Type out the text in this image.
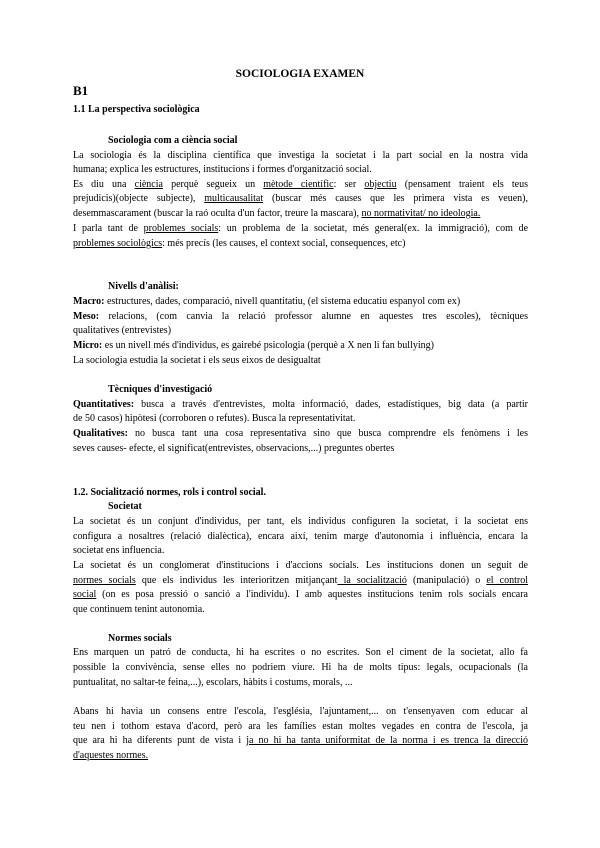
SOCIOLOGIA EXAMEN
B1
1.1 La perspectiva sociològica
Sociologia com a ciència social
La sociologia és la disciplina científica que investiga la societat i la part social en la nostra vida
humana; explica les estructures, institucions i formes d'organització social.
Es diu una ciència perquè segueix un mètode científic: ser objectiu (pensament traient els teus
prejudicis)(objecte subjecte), multicausalitat (buscar més causes que les primera vista es veuen),
desemmascarament (buscar la raó oculta d'un factor, treure la mascara), no normativitat/ no ideologia.
I parla tant de problemes socials: un problema de la societat, més general(ex. la immigració), com de
problemes sociològics: més precís (les causes, el context social, consequences, etc)
Nivells d'anàlisi:
Macro: estructures, dades, comparació, nivell quantitatiu, (el sistema educatiu espanyol com ex)
Meso: relacions, (com canvia la relació professor alumne en aquestes tres escoles), tècniques
qualitatives (entrevistes)
Micro: es un nivell més d'individus, es gairebé psicologia (perquè a X nen li fan bullying)
La sociologia estudia la societat i els seus eixos de desigualtat
Tècniques d'investigació
Quantitatives: busca a través d'entrevistes, molta informació, dades, estadístiques, big data (a partir
de 50 casos) hipòtesi (corroboren o refutes). Busca la representativitat.
Qualitatives: no busca tant una cosa representativa sino que busca comprendre els fenòmens i les
seves causes- efecte, el significat(entrevistes, observacions,...) preguntes obertes
1.2. Socialització normes, rols i control social.
Societat
La societat és un conjunt d'individus, per tant, els individus configuren la societat, i la societat ens
configura a nosaltres (relació dialèctica), encara així, tenim marge d'autonomia i influència, encara la
societat ens influencia.
La societat és un conglomerat d'institucions i d'accions socials. Les institucions donen un seguit de
normes socials que els individus les interioritzen mitjançant la socialització (manipulació) o el control
social (on es posa pressió o sanció a l'individu). I amb aquestes institucions tenim rols socials encara
que continuem tenint autonomia.
Normes socials
Ens marquen un patró de conducta, hi ha escrites o no escrites. Son el ciment de la societat, allo fa
possible la convivència, sense elles no podriem viure. Hi ha de molts tipus: legals, ocupacionals (la
puntualitat, no saltar-te feina,...), escolars, hàbits i costums, morals, ...
Abans hi havia un consens entre l'escola, l'església, l'ajuntament,... on t'ensenyaven com educar al
teu nen i tothom estava d'acord, però ara les famílies estan moltes vegades en contra de l'escola, ja
que ara hi ha diferents punt de vista i ja no hi ha tanta uniformitat de la norma i es trenca la direcció
d'aquestes normes.
